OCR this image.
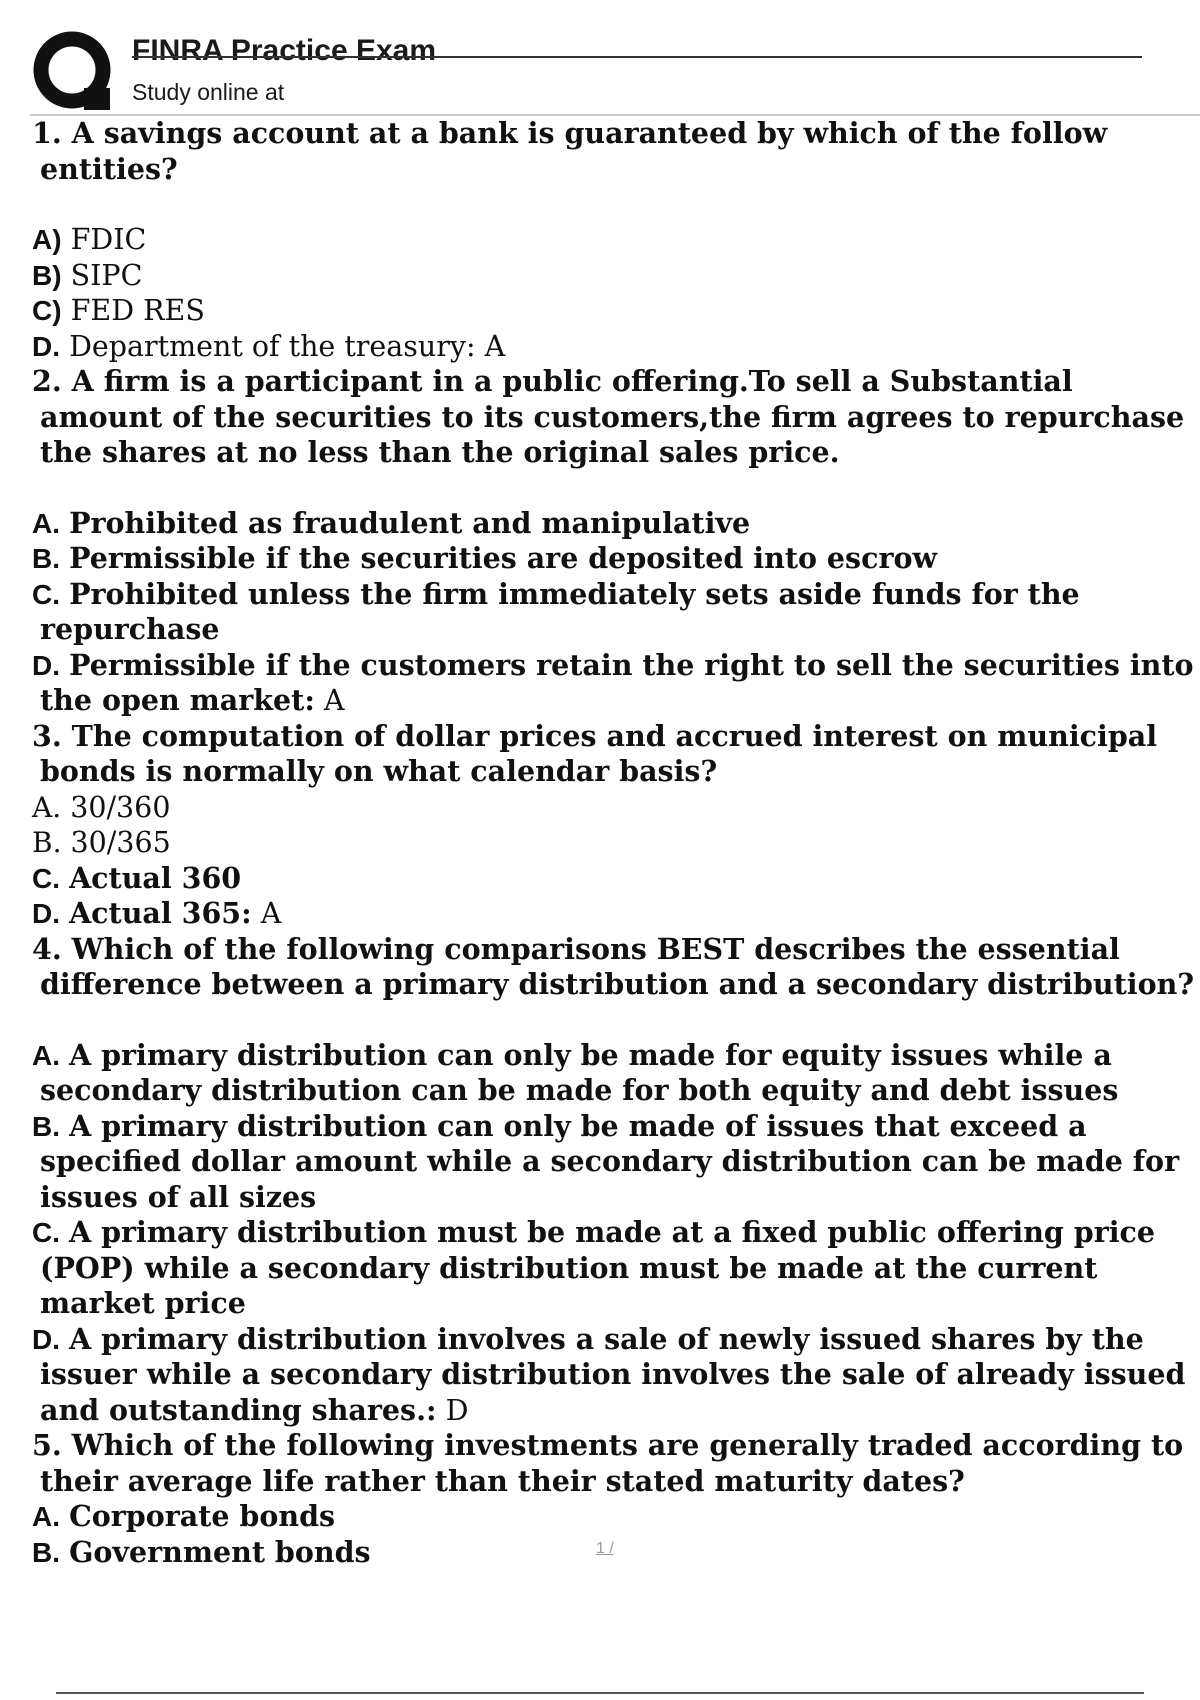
FINRA Practice Exam
Study online at

1. A savings account at a bank is guaranteed by which of the follow entities?

A) FDIC

B) SIPC

C) FED RES

D. Department of the treasury: A

2. A firm is a participant in a public offering.To sell a Substantial amount of the securities to its customers,the firm agrees to repurchase the shares at no less than the original sales price.

A. Prohibited as fraudulent and manipulative

B. Permissible if the securities are deposited into escrow

C. Prohibited unless the firm immediately sets aside funds for the repurchase

D. Permissible if the customers retain the right to sell the securities into the open market: A

3. The computation of dollar prices and accrued interest on municipal bonds is normally on what calendar basis?

A. 30/360

B. 30/365

C. Actual 360

D. Actual 365: A

4. Which of the following comparisons BEST describes the essential difference between a primary distribution and a secondary distribution?

A. A primary distribution can only be made for equity issues while a secondary distribution can be made for both equity and debt issues

B. A primary distribution can only be made of issues that exceed a specified dollar amount while a secondary distribution can be made for issues of all sizes

C. A primary distribution must be made at a fixed public offering price (POP) while a secondary distribution must be made at the current market price

D. A primary distribution involves a sale of newly issued shares by the issuer while a secondary distribution involves the sale of already issued and outstanding shares.: D

5. Which of the following investments are generally traded according to their average life rather than their stated maturity dates?

A. Corporate bonds

B. Government bonds	1 /
